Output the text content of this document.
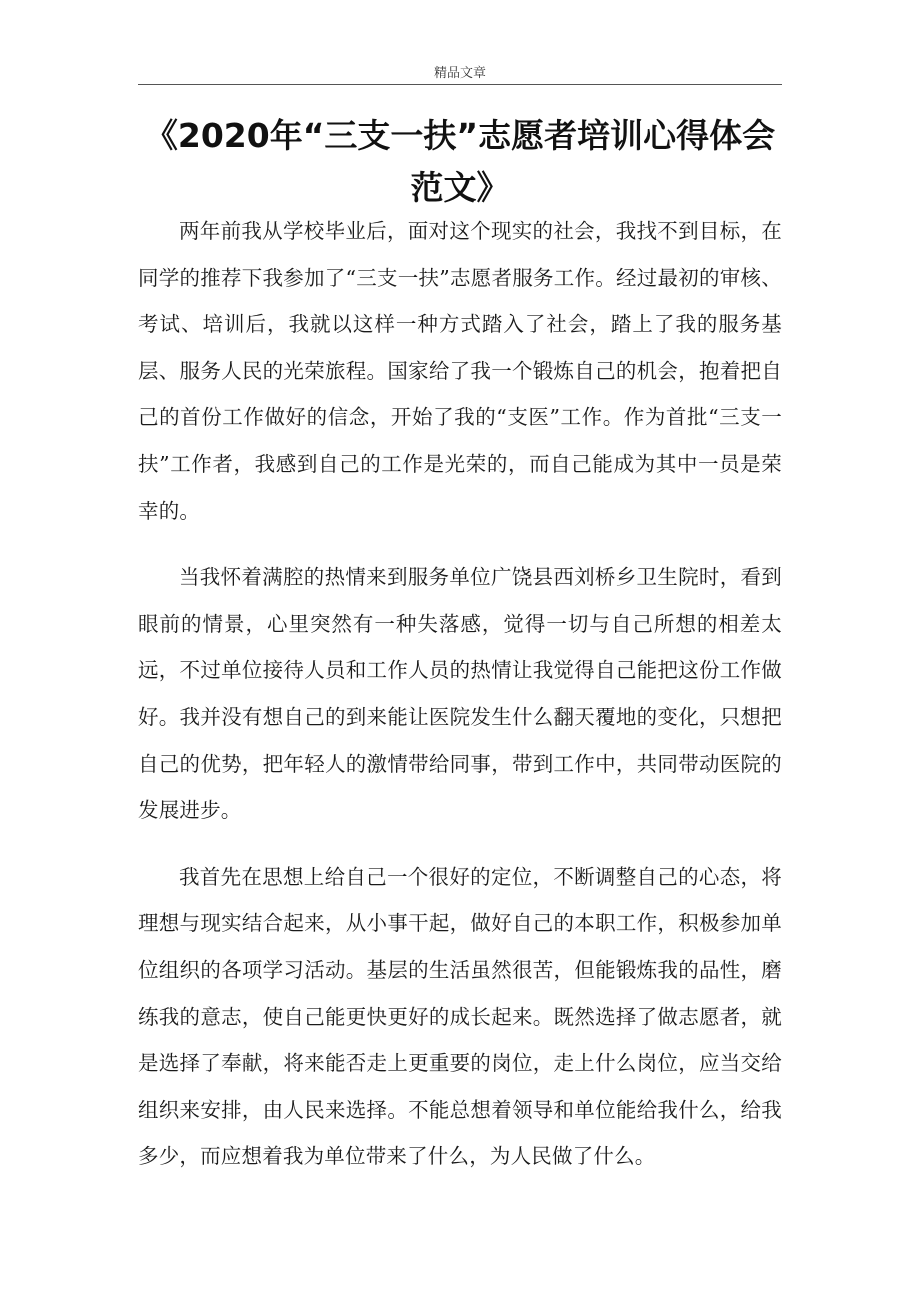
精品文章
《2020年“三支一扶”志愿者培训心得体会范文》

两年前我从学校毕业后，面对这个现实的社会，我找不到目标，在同学的推荐下我参加了“三支一扶”志愿者服务工作。经过最初的审核、考试、培训后，我就以这样一种方式踏入了社会，踏上了我的服务基层、服务人民的光荣旅程。国家给了我一个锻炼自己的机会，抱着把自己的首份工作做好的信念，开始了我的“支医”工作。作为首批“三支一扶”工作者，我感到自己的工作是光荣的，而自己能成为其中一员是荣幸的。

当我怀着满腔的热情来到服务单位广饶县西刘桥乡卫生院时，看到眼前的情景，心里突然有一种失落感，觉得一切与自己所想的相差太远，不过单位接待人员和工作人员的热情让我觉得自己能把这份工作做好。我并没有想自己的到来能让医院发生什么翻天覆地的变化，只想把自己的优势，把年轻人的激情带给同事，带到工作中，共同带动医院的发展进步。

我首先在思想上给自己一个很好的定位，不断调整自己的心态，将理想与现实结合起来，从小事干起，做好自己的本职工作，积极参加单位组织的各项学习活动。基层的生活虽然很苦，但能锻炼我的品性，磨练我的意志，使自己能更快更好的成长起来。既然选择了做志愿者，就是选择了奉献，将来能否走上更重要的岗位，走上什么岗位，应当交给组织来安排，由人民来选择。不能总想着领导和单位能给我什么，给我多少，而应想着我为单位带来了什么，为人民做了什么。
